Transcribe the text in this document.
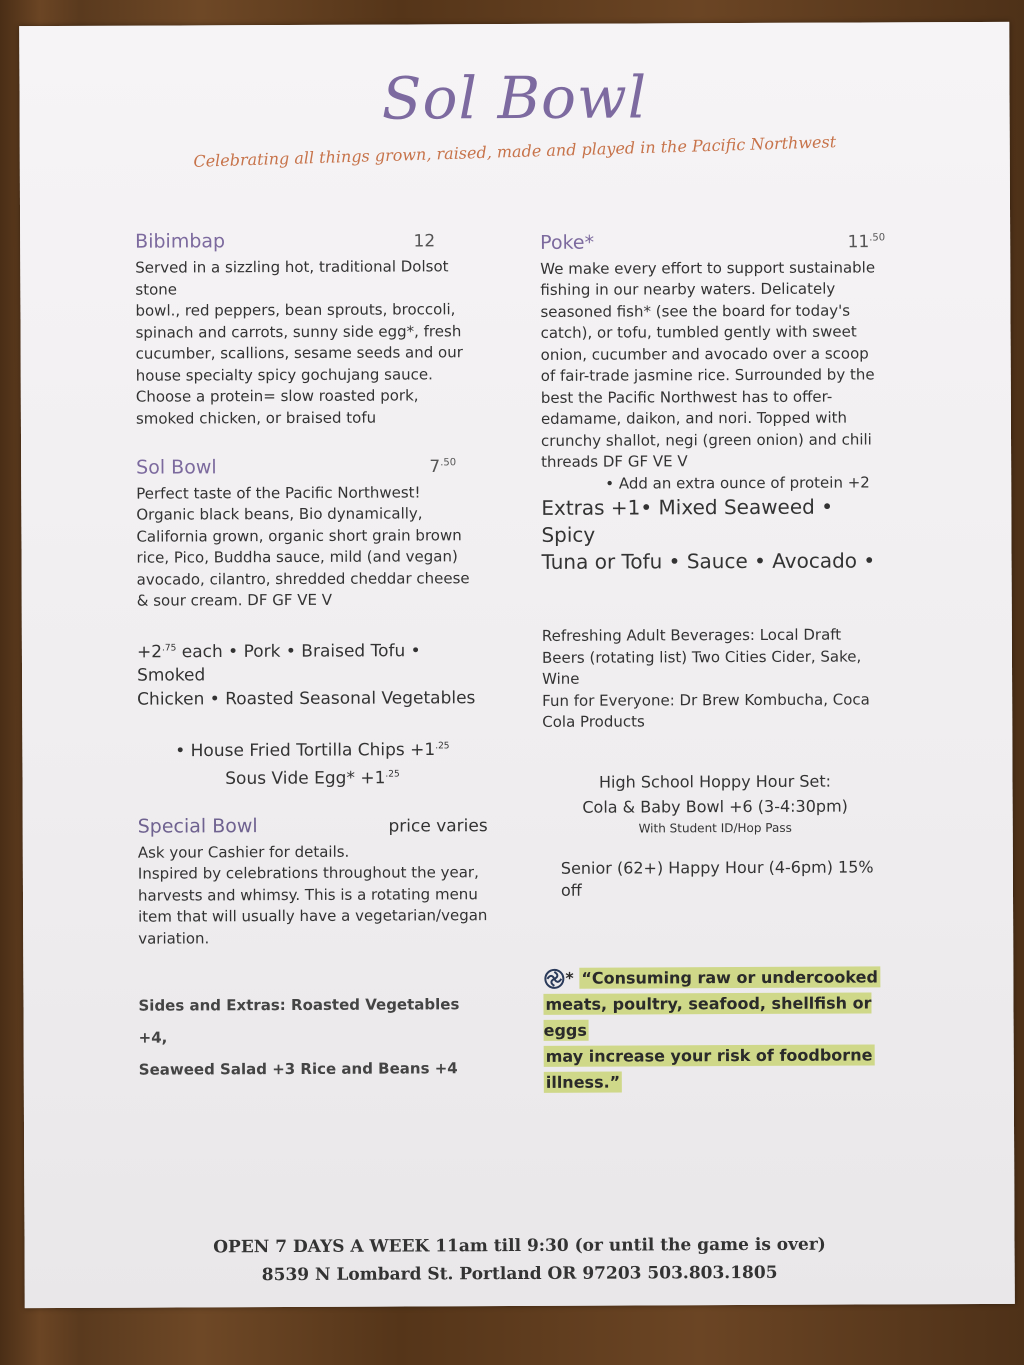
Sol Bowl
Celebrating all things grown, raised, made and played in the Pacific Northwest
Bibimbap	12
Served in a sizzling hot, traditional Dolsot stone
bowl., red peppers, bean sprouts, broccoli,
spinach and carrots, sunny side egg*, fresh
cucumber, scallions, sesame seeds and our
house specialty spicy gochujang sauce.
Choose a protein= slow roasted pork,
smoked chicken, or braised tofu
Sol Bowl	$7^{.50}$
Perfect taste of the Pacific Northwest!
Organic black beans, Bio dynamically,
California grown, organic short grain brown
rice, Pico, Buddha sauce, mild (and vegan)
avocado, cilantro, shredded cheddar cheese
& sour cream. DF GF VE V
$+2^{.75}$ each • Pork • Braised Tofu • Smoked
Chicken • Roasted Seasonal Vegetables
• House Fried Tortilla Chips $+1^{.25}$
Sous Vide $Egg* +1^{.25}$
Special Bowl	price varies
Ask your Cashier for details.
Inspired by celebrations throughout the year,
harvests and whimsy. This is a rotating menu
item that will usually have a vegetarian/vegan
variation.
Sides and Extras: Roasted Vegetables +4,
Seaweed Salad +3 Rice and Beans +4
Poke*	$11^{.50}$
We make every effort to support sustainable
fishing in our nearby waters. Delicately
seasoned fish* (see the board for today's
catch), or tofu, tumbled gently with sweet
onion, cucumber and avocado over a scoop
of fair-trade jasmine rice. Surrounded by the
best the Pacific Northwest has to offer-
edamame, daikon, and nori. Topped with
crunchy shallot, negi (green onion) and chili
threads DF GF VE V
• Add an extra ounce of protein +2
Extras +1• Mixed Seaweed • Spicy
Tuna or Tofu • Sauce • Avocado •
Refreshing Adult Beverages: Local Draft
Beers (rotating list) Two Cities Cider, Sake,
Wine
Fun for Everyone: Dr Brew Kombucha, Coca
Cola Products
High School Hoppy Hour Set:
Cola & Baby Bowl +6 (3-4:30pm)
With Student ID/Hop Pass
Senior (62+) Happy Hour (4-6pm) 15% off
* “Consuming raw or undercooked
meats, poultry, seafood, shellfish or eggs
may increase your risk of foodborne
illness.”
OPEN 7 DAYS A WEEK 11am till 9:30 (or until the game is over)
8539 N Lombard St. Portland OR 97203 503.803.1805
